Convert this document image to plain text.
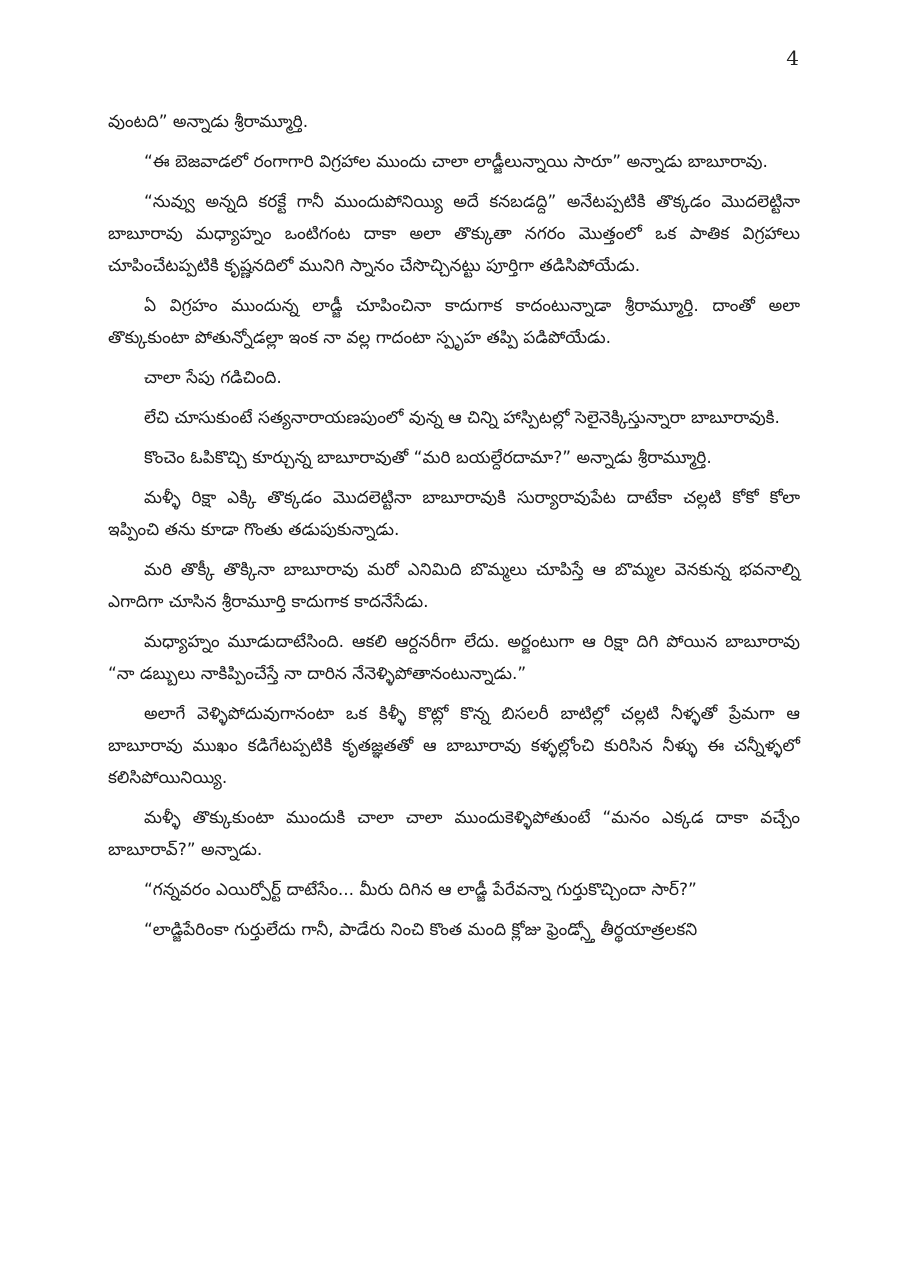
4

వుంటది” అన్నాడు శ్రీరామ్మూర్తి.

“ఈ బెజవాడలో రంగాగారి విగ్రహాల ముందు చాలా లాడ్జీలున్నాయి సారూ” అన్నాడు బాబూరావు.

“నువ్వు అన్నది కరక్టే గానీ ముందుపోనియ్యి అదే కనబడద్ది” అనేటప్పటికి తొక్కడం మొదలెట్టినా బాబూరావు మధ్యాహ్నం ఒంటిగంట దాకా అలా తొక్కుతా నగరం మొత్తంలో ఒక పాతిక విగ్రహాలు చూపించేటప్పటికి కృష్ణనదిలో మునిగి స్నానం చేసొచ్చినట్టు పూర్తిగా తడిసిపోయేడు.

ఏ విగ్రహం ముందున్న లాడ్జీ చూపించినా కాదుగాక కాదంటున్నాడా శ్రీరామ్మూర్తి. దాంతో అలా తొక్కుకుంటా పోతున్నోడల్లా ఇంక నా వల్ల గాదంటా స్పృహ తప్పి పడిపోయేడు.

చాలా సేపు గడిచింది.

లేచి చూసుకుంటే సత్యనారాయణపుంలో వున్న ఆ చిన్ని హాస్పిటల్లో సెలైనెక్కిస్తున్నారా బాబూరావుకి.

కొంచెం ఓపికొచ్చి కూర్చున్న బాబూరావుతో “మరి బయల్దేరదామా?” అన్నాడు శ్రీరామ్మూర్తి.

మళ్ళీ రిక్షా ఎక్కి తొక్కడం మొదలెట్టినా బాబూరావుకి సుర్యారావుపేట దాటేకా చల్లటి కోకో కోలా ఇప్పించి తను కూడా గొంతు తడుపుకున్నాడు.

మరి తొక్కీ తొక్కినా బాబూరావు మరో ఎనిమిది బొమ్మలు చూపిస్తే ఆ బొమ్మల వెనకున్న భవనాల్ని ఎగాదిగా చూసిన శ్రీరామూర్తి కాదుగాక కాదనేసేడు.

మధ్యాహ్నం మూడుదాటేసింది. ఆకలి ఆర్దనరీగా లేదు. అర్జంటుగా ఆ రిక్షా దిగి పోయిన బాబూరావు “నా డబ్బులు నాకిప్పించేస్తే నా దారిన నేనెళ్ళిపోతానంటున్నాడు.”

అలాగే వెళ్ళిపోదువుగానంటా ఒక కిళ్ళీ కొట్లో కొన్న బిసలరీ బాటిల్లో చల్లటి నీళ్ళతో ప్రేమగా ఆ బాబూరావు ముఖం కడిగేటప్పటికి కృతజ్ఞతతో ఆ బాబూరావు కళ్ళల్లోంచి కురిసిన నీళ్ళు ఈ చన్నీళ్ళలో కలిసిపోయినియ్యి.

మళ్ళీ తొక్కుకుంటా ముందుకి చాలా చాలా ముందుకెళ్ళిపోతుంటే “మనం ఎక్కడ దాకా వచ్చేం బాబూరావ్?” అన్నాడు.

“గన్నవరం ఎయిర్పోర్ట్ దాటేసేం... మీరు దిగిన ఆ లాడ్జీ పేరేవన్నా గుర్తుకొచ్చిందా సార్?”

“లాడ్జిపేరింకా గుర్తులేదు గానీ, పాడేరు నించి కొంత మంది క్లోజు ఫ్రెండ్స్తో తీర్థయాత్రలకని
